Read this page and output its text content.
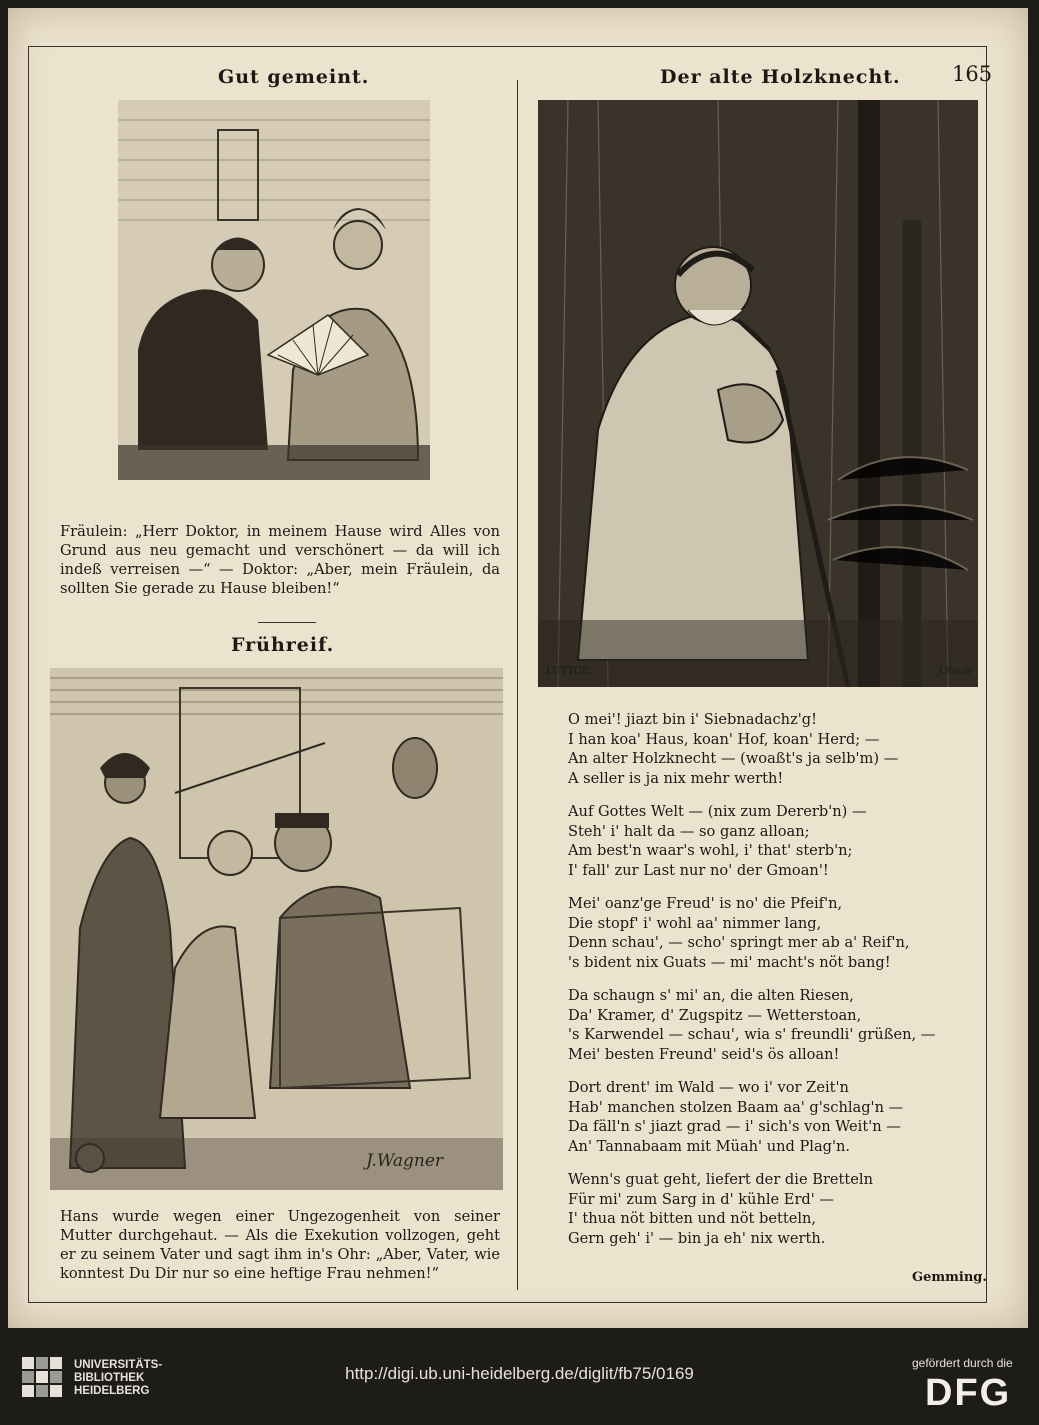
Gut gemeint.	Der alte Holzknecht. 165

Fräulein: „Herr Doktor, in meinem Hause wird Alles von Grund aus neu gemacht und verschönert — da will ich indeß verreisen —“ — Doktor: „Aber, mein Fräulein, da sollten Sie gerade zu Hause bleiben!“

Frühreif.
J.Wagner

Hans wurde wegen einer Ungezogenheit von seiner Mutter durchgehaut. — Als die Exekution vollzogen, geht er zu seinem Vater und sagt ihm in's Ohr: „Aber, Vater, wie konntest Du Dir nur so eine heftige Frau nehmen!“

LUTTGE.	J.Raub
O mei'! jiazt bin i' Siebnadachz'g!
I han koa' Haus, koan' Hof, koan' Herd; —
An alter Holzknecht — (woaßt's ja selb'm) —
A seller is ja nix mehr werth!
Auf Gottes Welt — (nix zum Dererb'n) —
Steh' i' halt da — so ganz alloan;
Am best'n waar's wohl, i' that' sterb'n;
I' fall' zur Last nur no' der Gmoan'!
Mei' oanz'ge Freud' is no' die Pfeif'n,
Die stopf' i' wohl aa' nimmer lang,
Denn schau', — scho' springt mer ab a' Reif'n,
's bident nix Guats — mi' macht's nöt bang!
Da schaugn s' mi' an, die alten Riesen,
Da' Kramer, d' Zugspitz — Wetterstoan,
's Karwendel — schau', wia s' freundli' grüßen, —
Mei' besten Freund' seid's ös alloan!
Dort drent' im Wald — wo i' vor Zeit'n
Hab' manchen stolzen Baam aa' g'schlag'n —
Da fäll'n s' jiazt grad — i' sich's von Weit'n —
An' Tannabaam mit Müah' und Plag'n.
Wenn's guat geht, liefert der die Bretteln
Für mi' zum Sarg in d' kühle Erd' —
I' thua nöt bitten und nöt betteln,
Gern geh' i' — bin ja eh' nix werth.
Gemming.
UNIVERSITÄTS-
BIBLIOTHEK
HEIDELBERG
http://digi.ub.uni-heidelberg.de/diglit/fb75/0169
gefördert durch die
DFG
